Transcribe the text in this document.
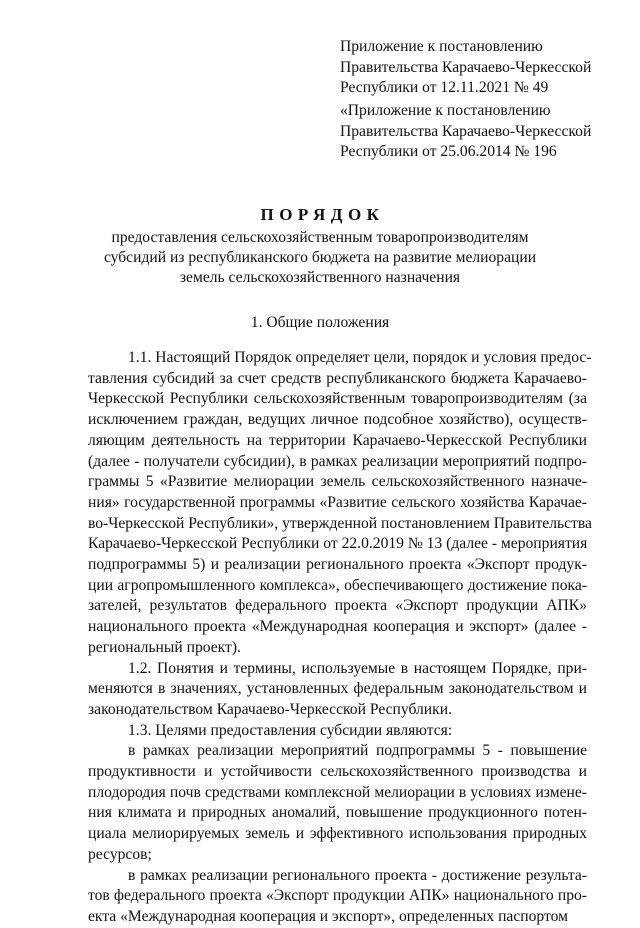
Приложение к постановлению
Правительства Карачаево-Черкесской
Республики от 12.11.2021 № 49
«Приложение к постановлению
Правительства Карачаево-Черкесской
Республики от 25.06.2014 № 196
ПОРЯДОК
предоставления сельскохозяйственным товаропроизводителям
субсидий из республиканского бюджета на развитие мелиорации
земель сельскохозяйственного назначения
1. Общие положения
1.1. Настоящий Порядок определяет цели, порядок и условия предос-
тавления субсидий за счет средств республиканского бюджета Карачаево-
Черкесской Республики сельскохозяйственным товаропроизводителям (за
исключением граждан, ведущих личное подсобное хозяйство), осуществ-
ляющим деятельность на территории Карачаево-Черкесской Республики
(далее - получатели субсидии), в рамках реализации мероприятий подпро-
граммы 5 «Развитие мелиорации земель сельскохозяйственного назначе-
ния» государственной программы «Развитие сельского хозяйства Карачае-
во-Черкесской Республики», утвержденной постановлением Правительства
Карачаево-Черкесской Республики от 22.0.2019 № 13 (далее - мероприятия
подпрограммы 5) и реализации регионального проекта «Экспорт продук-
ции агропромышленного комплекса», обеспечивающего достижение пока-
зателей, результатов федерального проекта «Экспорт продукции АПК»
национального проекта «Международная кооперация и экспорт» (далее -
региональный проект).
1.2. Понятия и термины, используемые в настоящем Порядке, при-
меняются в значениях, установленных федеральным законодательством и
законодательством Карачаево-Черкесской Республики.
1.3. Целями предоставления субсидии являются:
в рамках реализации мероприятий подпрограммы 5 - повышение
продуктивности и устойчивости сельскохозяйственного производства и
плодородия почв средствами комплексной мелиорации в условиях измене-
ния климата и природных аномалий, повышение продукционного потен-
циала мелиорируемых земель и эффективного использования природных
ресурсов;
в рамках реализации регионального проекта - достижение результа-
тов федерального проекта «Экспорт продукции АПК» национального про-
екта «Международная кооперация и экспорт», определенных паспортом
